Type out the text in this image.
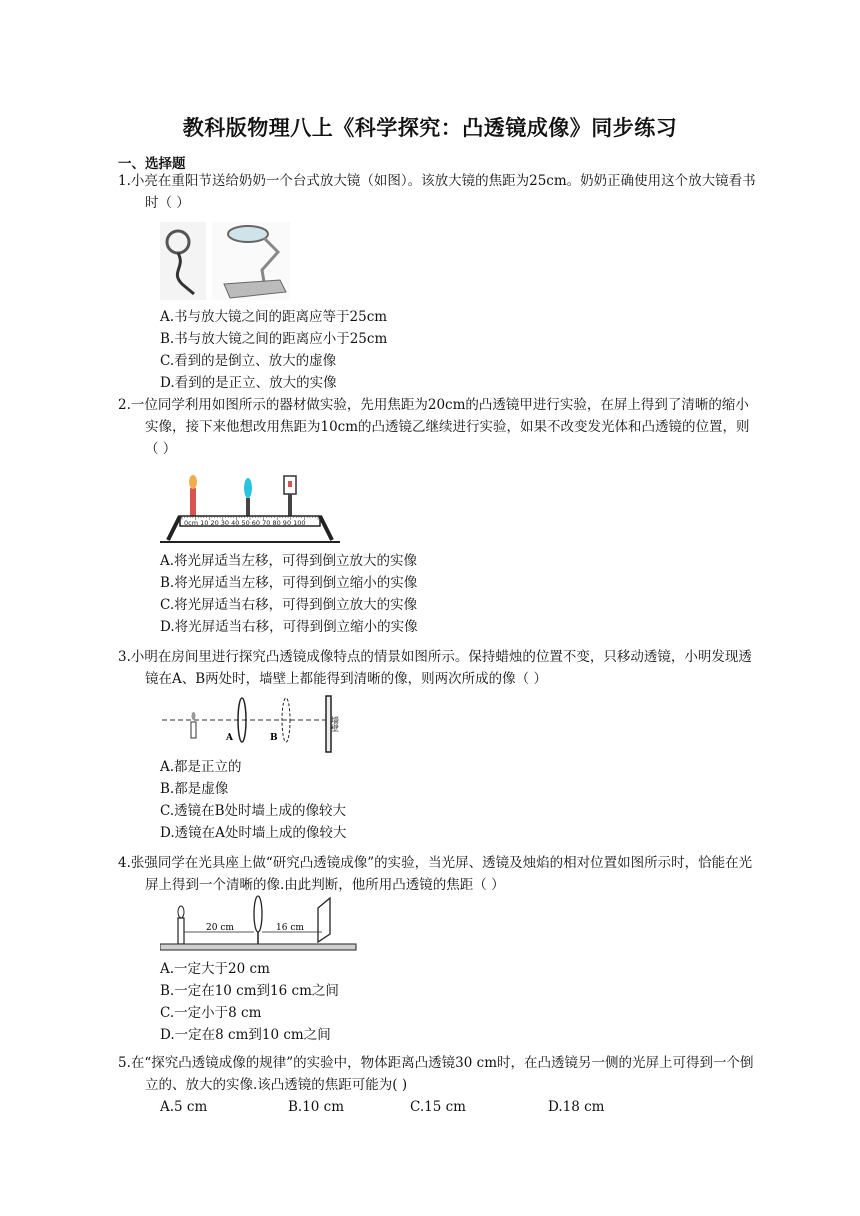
教科版物理八上《科学探究：凸透镜成像》同步练习
一、选择题
1.小亮在重阳节送给奶奶一个台式放大镜（如图）。该放大镜的焦距为25cm。奶奶正确使用这个放大镜看书时（ ）
A.书与放大镜之间的距离应等于25cm
B.书与放大镜之间的距离应小于25cm
C.看到的是倒立、放大的虚像
D.看到的是正立、放大的实像
2.一位同学利用如图所示的器材做实验，先用焦距为20cm的凸透镜甲进行实验，在屏上得到了清晰的缩小实像，接下来他想改用焦距为10cm的凸透镜乙继续进行实验，如果不改变发光体和凸透镜的位置，则（ ）
0cm 10 20 30 40 50 60 70 80 90 100
A.将光屏适当左移，可得到倒立放大的实像
B.将光屏适当左移，可得到倒立缩小的实像
C.将光屏适当右移，可得到倒立放大的实像
D.将光屏适当右移，可得到倒立缩小的实像
3.小明在房间里进行探究凸透镜成像特点的情景如图所示。保持蜡烛的位置不变，只移动透镜，小明发现透镜在A、B两处时，墙壁上都能得到清晰的像，则两次所成的像（ ）
A	B
墙壁
A.都是正立的
B.都是虚像
C.透镜在B处时墙上成的像较大
D.透镜在A处时墙上成的像较大
4.张强同学在光具座上做“研究凸透镜成像”的实验，当光屏、透镜及烛焰的相对位置如图所示时，恰能在光屏上得到一个清晰的像.由此判断，他所用凸透镜的焦距（ ）
20 cm	16 cm
A.一定大于20 cm
B.一定在10 cm到16 cm之间
C.一定小于8 cm
D.一定在8 cm到10 cm之间
5.在“探究凸透镜成像的规律”的实验中，物体距离凸透镜30 cm时，在凸透镜另一侧的光屏上可得到一个倒立的、放大的实像.该凸透镜的焦距可能为( )
A.5 cm	B.10 cm	C.15 cm	D.18 cm
